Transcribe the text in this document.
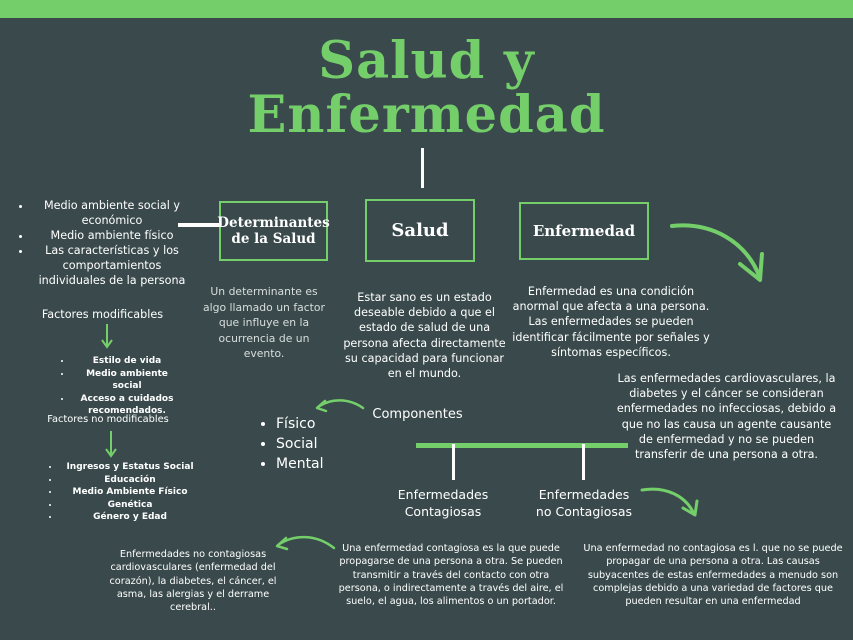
Salud y
Enfermedad
Determinantes de la Salud	Salud	Enfermedad
• Medio ambiente social y económico
• Medio ambiente físico
• Las características y los comportamientos individuales de la persona
Factores modificables
• Estilo de vida
• Medio ambiente social
• Acceso a cuidados recomendados.
Factores no modificables
• Ingresos y Estatus Social
• Educación
• Medio Ambiente Físico
• Genética
• Género y Edad
Un determinante es algo llamado un factor que influye en la ocurrencia de un evento.
Estar sano es un estado deseable debido a que el estado de salud de una persona afecta directamente su capacidad para funcionar en el mundo.
Enfermedad es una condición anormal que afecta a una persona. Las enfermedades se pueden identificar fácilmente por señales y síntomas específicos.
Las enfermedades cardiovasculares, la diabetes y el cáncer se consideran enfermedades no infecciosas, debido a que no las causa un agente causante de enfermedad y no se pueden transferir de una persona a otra.
Componentes
• Físico
• Social
• Mental
Enfermedades
Contagiosas
Enfermedades
no Contagiosas
Una enfermedad contagiosa es la que puede propagarse de una persona a otra. Se pueden transmitir a través del contacto con otra persona, o indirectamente a través del aire, el suelo, el agua, los alimentos o un portador.
Una enfermedad no contagiosa es l. que no se puede propagar de una persona a otra. Las causas subyacentes de estas enfermedades a menudo son complejas debido a una variedad de factores que pueden resultar en una enfermedad
Enfermedades no contagiosas cardiovasculares (enfermedad del corazón), la diabetes, el cáncer, el asma, las alergias y el derrame cerebral..
